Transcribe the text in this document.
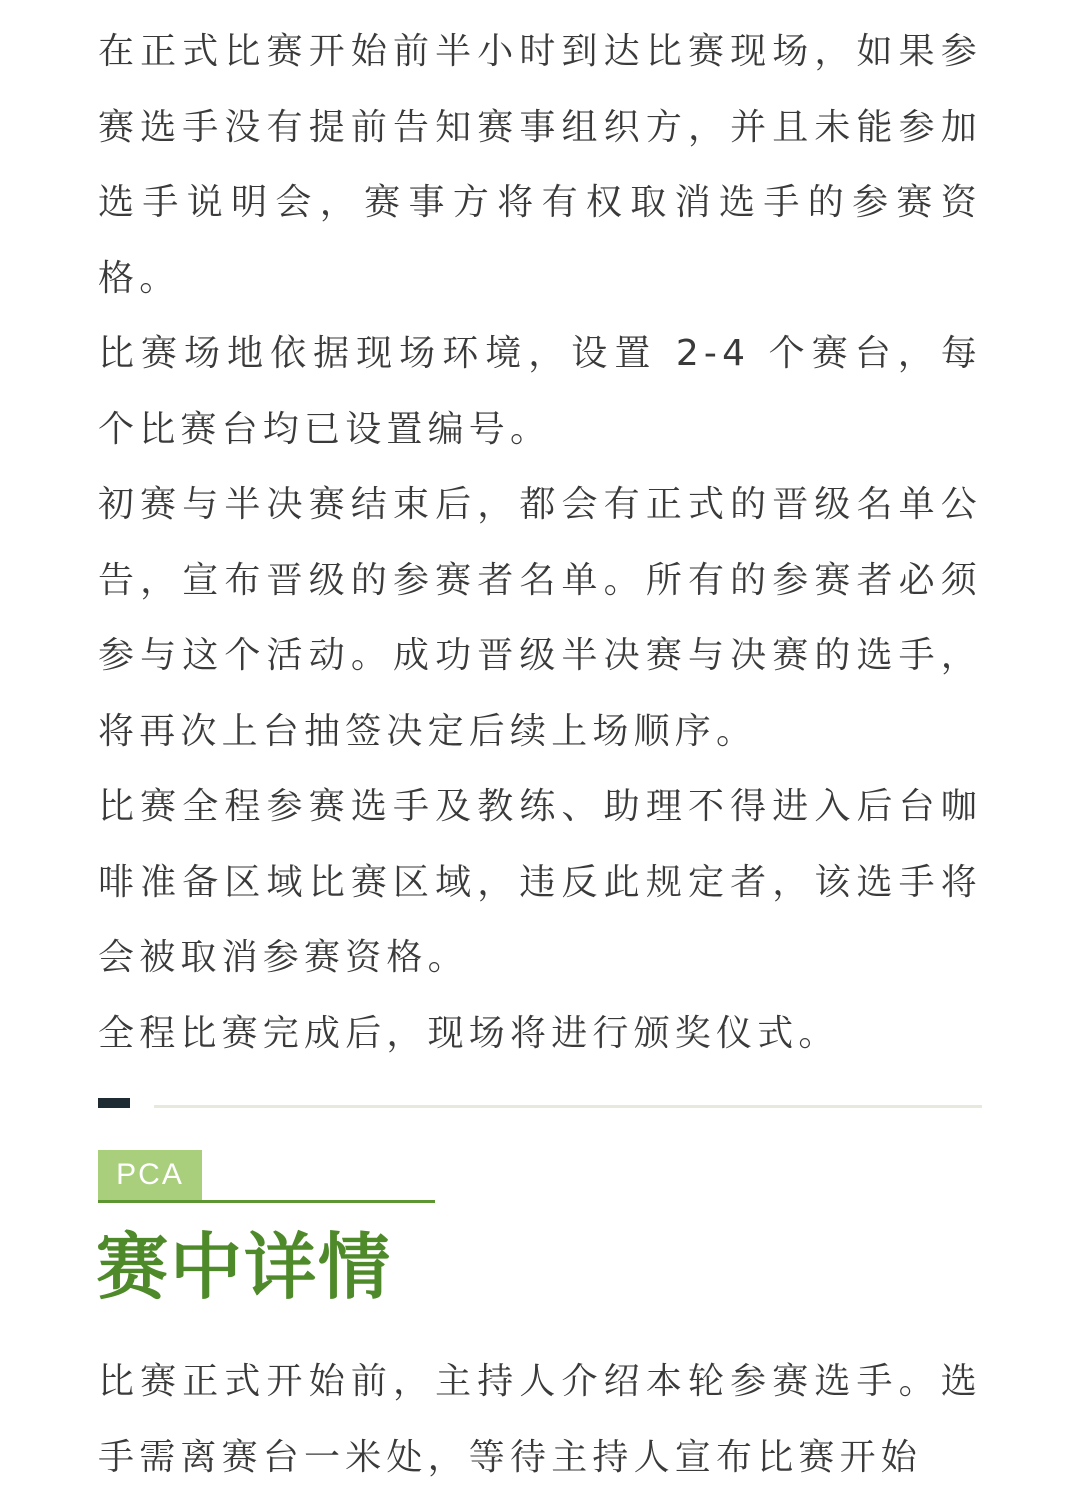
在正式比赛开始前半小时到达比赛现场，如果参赛选手没有提前告知赛事组织方，并且未能参加选手说明会，赛事方将有权取消选手的参赛资格。

比赛场地依据现场环境，设置 2-4 个赛台，每个比赛台均已设置编号。

初赛与半决赛结束后，都会有正式的晋级名单公告，宣布晋级的参赛者名单。所有的参赛者必须参与这个活动。成功晋级半决赛与决赛的选手，将再次上台抽签决定后续上场顺序。

比赛全程参赛选手及教练、助理不得进入后台咖啡准备区域比赛区域，违反此规定者，该选手将会被取消参赛资格。

全程比赛完成后，现场将进行颁奖仪式。

PCA
赛中详情

比赛正式开始前，主持人介绍本轮参赛选手。选手需离赛台一米处，等待主持人宣布比赛开始
